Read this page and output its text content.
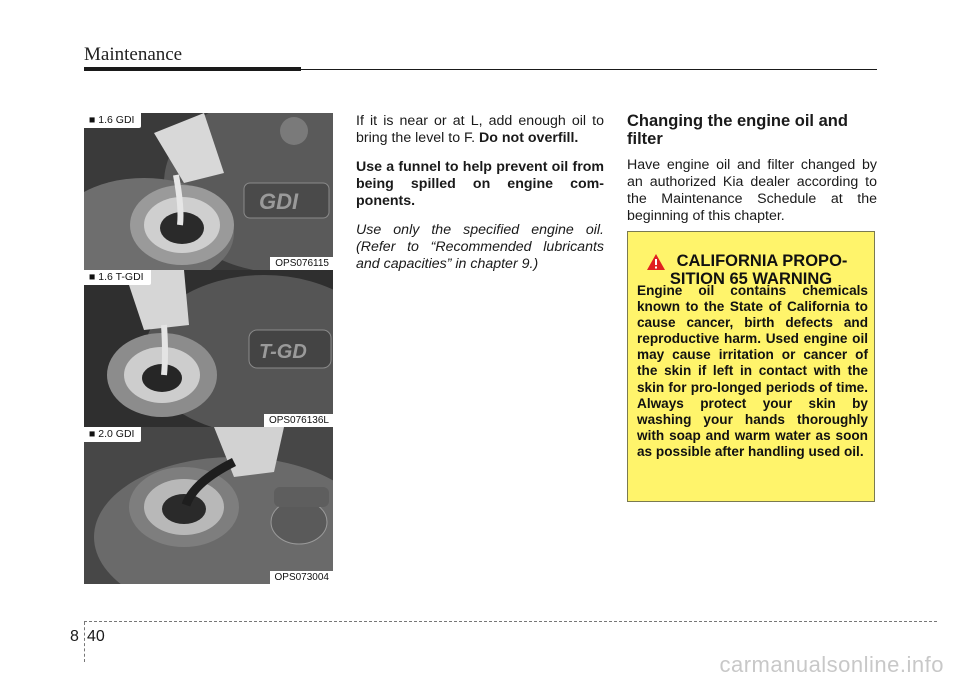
Maintenance
GDI
■ 1.6 GDI
OPS076115
T-GD
■ 1.6 T-GDI
OPS076136L
■ 2.0 GDI
OPS073004

If it is near or at L, add enough oil to bring the level to F. Do not overfill.

Use a funnel to help prevent oil from being spilled on engine com-ponents.

Use only the specified engine oil. (Refer to “Recommended lubricants and capacities” in chapter 9.)

Changing the engine oil and filter

Have engine oil and filter changed by an authorized Kia dealer according to the Maintenance Schedule at the beginning of this chapter.

CALIFORNIA PROPO-
SITION 65 WARNING
Engine oil contains chemicals known to the State of California to cause cancer, birth defects and reproductive harm. Used engine oil may cause irritation or cancer of the skin if left in contact with the skin for pro-longed periods of time. Always protect your skin by washing your hands thoroughly with soap and warm water as soon as possible after handling used oil.
8 40
carmanualsonline.info
